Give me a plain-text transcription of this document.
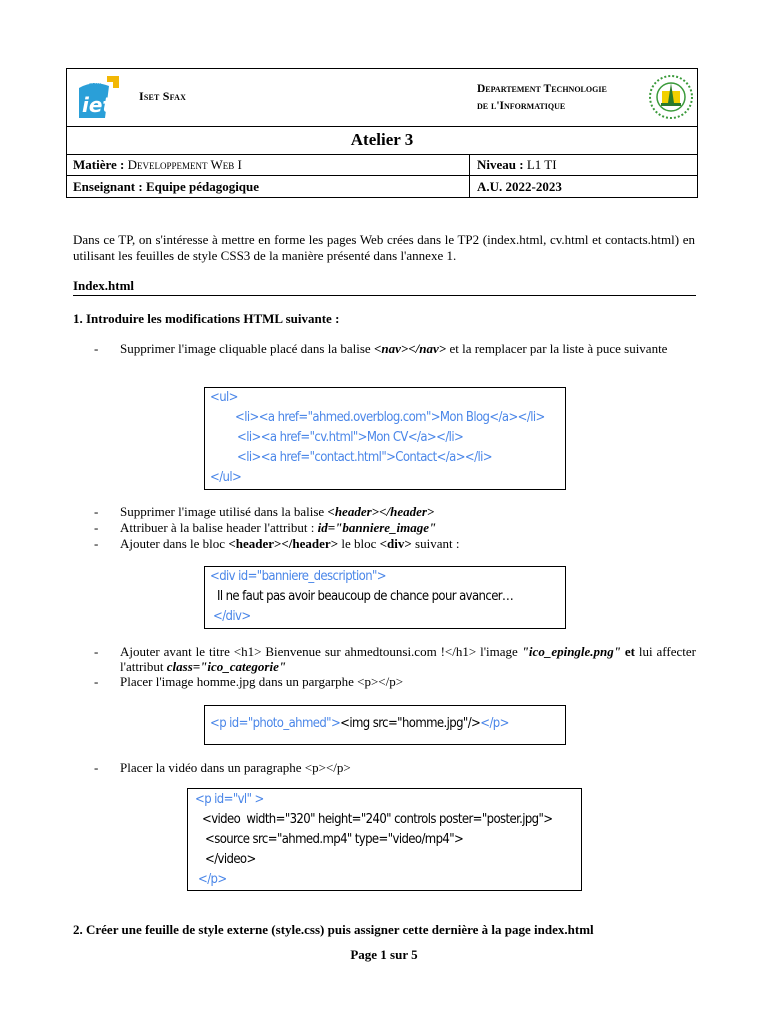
iet
SFAX
Iset Sfax	Departement Technologie
de l'Informatique
Atelier 3
Matière : Developpement Web I	Niveau : L1 TI
Enseignant : Equipe pédagogique	A.U. 2022-2023
Dans ce TP, on s'intéresse à mettre en forme les pages Web crées dans le TP2 (index.html, cv.html et contacts.html) en utilisant les feuilles de style CSS3 de la manière présenté dans l'annexe 1.
Index.html
1. Introduire les modifications HTML suivante :
- Supprimer l'image cliquable placé dans la balise <nav></nav> et la remplacer par la liste à puce suivante
<ul>
<li><a href="ahmed.overblog.com">Mon Blog</a></li>
<li><a href="cv.html">Mon CV</a></li>
<li><a href="contact.html">Contact</a></li>
</ul>
- Supprimer l'image utilisé dans la balise <header></header>
- Attribuer à la balise header l'attribut : id="banniere_image"
- Ajouter dans le bloc <header></header> le bloc <div> suivant :
<div id="banniere_description">
Il ne faut pas avoir beaucoup de chance pour avancer…
</div>
- Ajouter avant le titre <h1> Bienvenue sur ahmedtounsi.com !</h1> l'image "ico_epingle.png" et lui affecter l'attribut class="ico_categorie"
- Placer l'image homme.jpg dans un pargarphe <p></p>
<p id="photo_ahmed"><img src="homme.jpg"/></p>
- Placer la vidéo dans un paragraphe <p></p>
<p id="vl" >
<video  width="320" height="240" controls poster="poster.jpg">
<source src="ahmed.mp4" type="video/mp4">
</video>
</p>
2. Créer une feuille de style externe (style.css) puis assigner cette dernière à la page index.html
Page 1 sur 5
